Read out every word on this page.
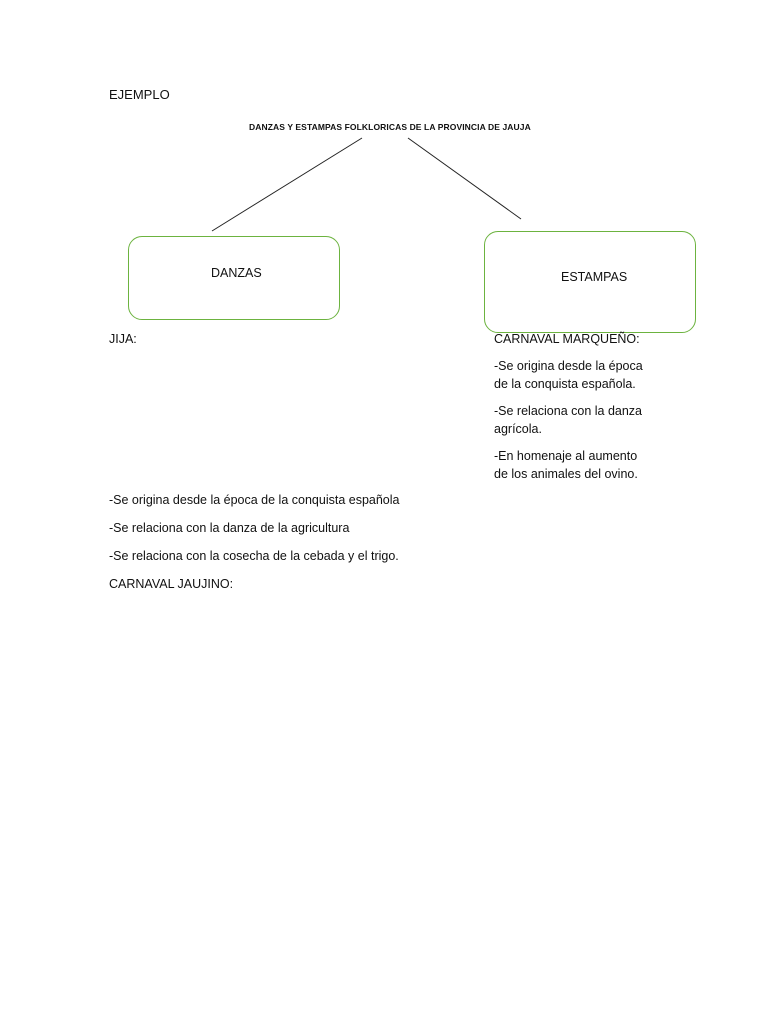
EJEMPLO
DANZAS Y ESTAMPAS FOLKLORICAS DE LA PROVINCIA DE JAUJA
DANZAS	ESTAMPAS
JIJA:
-Se origina desde la época de la conquista española
-Se relaciona con la danza de la agricultura
-Se relaciona con la cosecha de la cebada y el trigo.
CARNAVAL JAUJINO:
CARNAVAL MARQUEÑO:
-Se origina desde la época
de la conquista española.
-Se relaciona con la danza
agrícola.
-En homenaje al aumento
de los animales del ovino.
